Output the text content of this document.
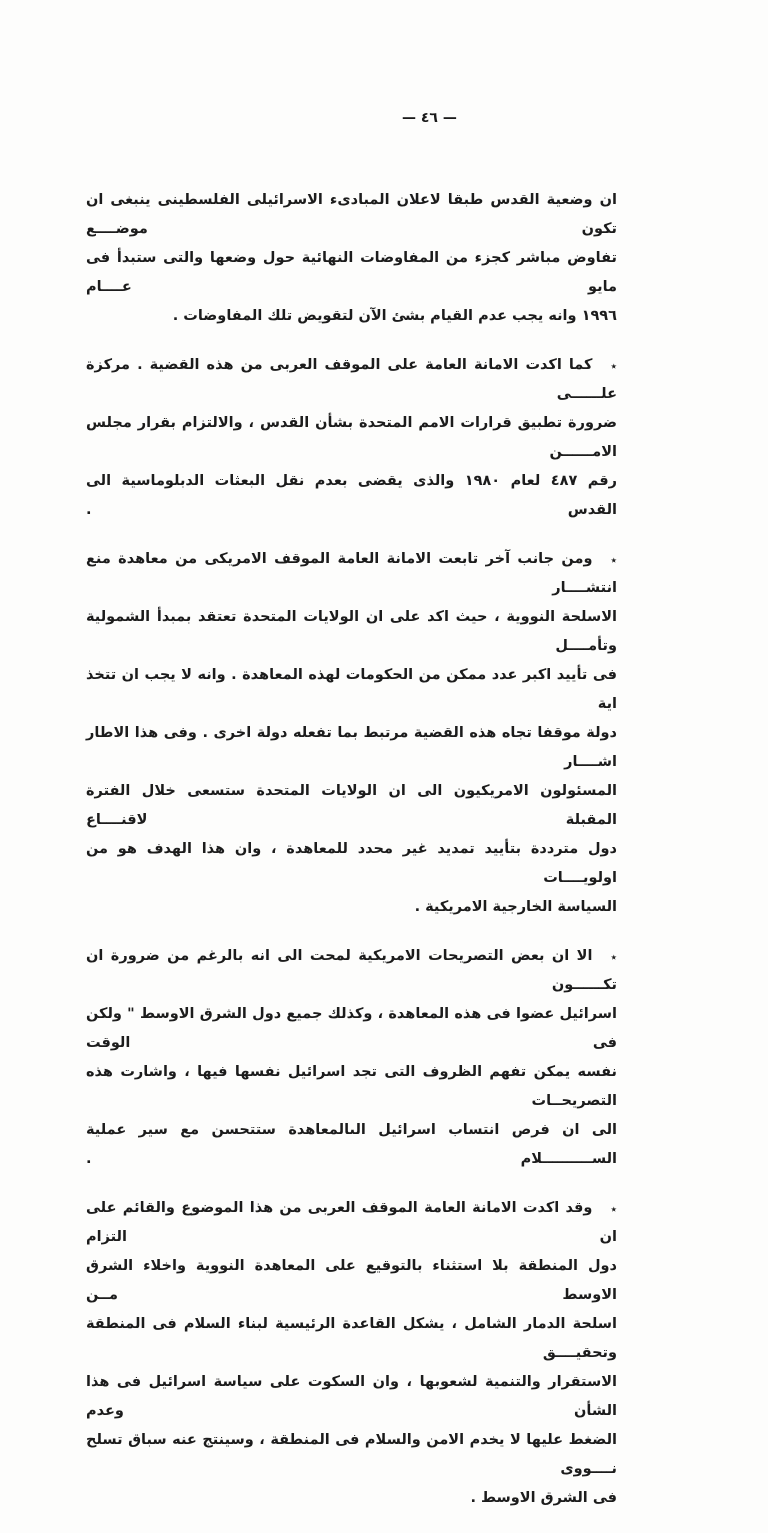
— ٤٦ —
ان وضعية القدس طبقا لاعلان المبادىء الاسرائيلى الفلسطينى ينبغى ان تكون موضــــع
تفاوض مباشر كجزء من المفاوضات النهائية حول وضعها والتى ستبدأ فى مايو عــــام
١٩٩٦ وانه يجب عدم القيام بشئ الآن لتقويض تلك المفاوضات .
٭كما اكدت الامانة العامة على الموقف العربى من هذه القضية . مركزة علــــــى
ضرورة تطبيق قرارات الامم المتحدة بشأن القدس ، والالتزام بقرار مجلس الامــــــن
رقم ٤٨٧ لعام ١٩٨٠ والذى يقضى بعدم نقل البعثات الدبلوماسية الى القدس .
٭ومن جانب آخر تابعت الامانة العامة الموقف الامريكى من معاهدة منع انتشــــار
الاسلحة النووية ، حيث اكد على ان الولايات المتحدة تعتقد بمبدأ الشمولية وتأمــــل
فى تأييد اكبر عدد ممكن من الحكومات لهذه المعاهدة . وانه لا يجب ان تتخذ اية
دولة موقفا تجاه هذه القضية مرتبط بما تفعله دولة اخرى . وفى هذا الاطار اشــــار
المسئولون الامريكيون الى ان الولايات المتحدة ستسعى خلال الفترة المقبلة لاقنــــاع
دول مترددة بتأييد تمديد غير محدد للمعاهدة ، وان هذا الهدف هو من اولويــــات
السياسة الخارجية الامريكية .
٭الا ان بعض التصريحات الامريكية لمحت الى انه بالرغم من ضرورة ان تكــــــون
اسرائيل عضوا فى هذه المعاهدة ، وكذلك جميع دول الشرق الاوسط " ولكن فى الوقت
نفسه يمكن تفهم الظروف التى تجد اسرائيل نفسها فيها ، واشارت هذه التصريحــات
الى ان فرص انتساب اسرائيل الىالمعاهدة ستتحسن مع سير عملية الســــــــــلام .
٭وقد اكدت الامانة العامة الموقف العربى من هذا الموضوع والقائم على ان التزام
دول المنطقة بلا استثناء بالتوقيع على المعاهدة النووية واخلاء الشرق الاوسط مــن
اسلحة الدمار الشامل ، يشكل القاعدة الرئيسية لبناء السلام فى المنطقة وتحقيــــق
الاستقرار والتنمية لشعوبها ، وان السكوت على سياسة اسرائيل فى هذا الشأن وعدم
الضغط عليها لا يخدم الامن والسلام فى المنطقة ، وسينتج عنه سباق تسلح نــــووى
فى الشرق الاوسط .
